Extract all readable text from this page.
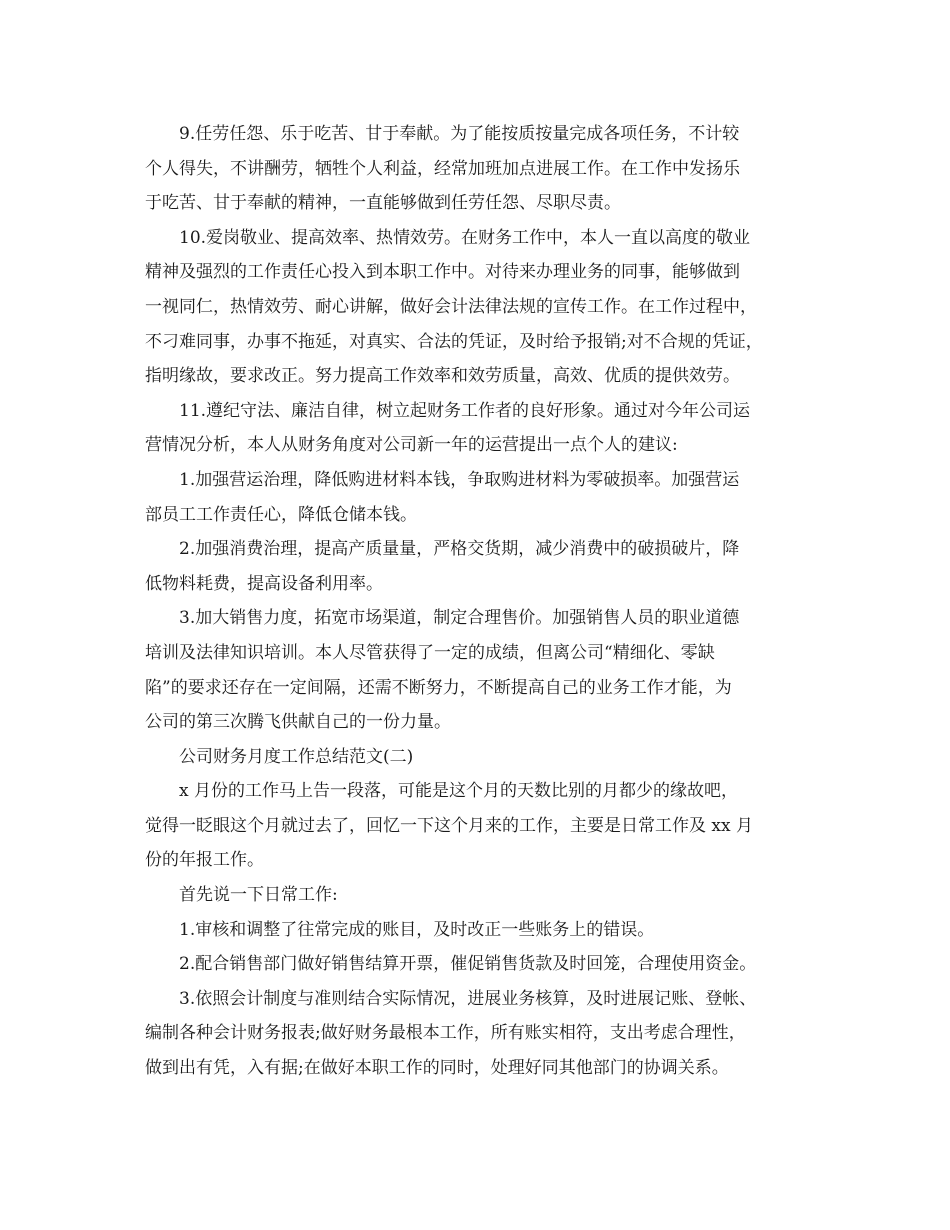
9.任劳任怨、乐于吃苦、甘于奉献。为了能按质按量完成各项任务，不计较
个人得失，不讲酬劳，牺牲个人利益，经常加班加点进展工作。在工作中发扬乐
于吃苦、甘于奉献的精神，一直能够做到任劳任怨、尽职尽责。

10.爱岗敬业、提高效率、热情效劳。在财务工作中，本人一直以高度的敬业
精神及强烈的工作责任心投入到本职工作中。对待来办理业务的同事，能够做到
一视同仁，热情效劳、耐心讲解，做好会计法律法规的宣传工作。在工作过程中，
不刁难同事，办事不拖延，对真实、合法的凭证，及时给予报销;对不合规的凭证，
指明缘故，要求改正。努力提高工作效率和效劳质量，高效、优质的提供效劳。

11.遵纪守法、廉洁自律，树立起财务工作者的良好形象。通过对今年公司运
营情况分析，本人从财务角度对公司新一年的运营提出一点个人的建议:

1.加强营运治理，降低购进材料本钱，争取购进材料为零破损率。加强营运
部员工工作责任心，降低仓储本钱。

2.加强消费治理，提高产质量量，严格交货期，减少消费中的破损破片，降
低物料耗费，提高设备利用率。

3.加大销售力度，拓宽市场渠道，制定合理售价。加强销售人员的职业道德
培训及法律知识培训。本人尽管获得了一定的成绩，但离公司“精细化、零缺
陷”的要求还存在一定间隔，还需不断努力，不断提高自己的业务工作才能，为
公司的第三次腾飞供献自己的一份力量。

公司财务月度工作总结范文(二)

x 月份的工作马上告一段落，可能是这个月的天数比别的月都少的缘故吧，
觉得一眨眼这个月就过去了，回忆一下这个月来的工作，主要是日常工作及 xx 月
份的年报工作。

首先说一下日常工作:

1.审核和调整了往常完成的账目，及时改正一些账务上的错误。

2.配合销售部门做好销售结算开票，催促销售货款及时回笼，合理使用资金。

3.依照会计制度与准则结合实际情况，进展业务核算，及时进展记账、登帐、
编制各种会计财务报表;做好财务最根本工作，所有账实相符，支出考虑合理性，
做到出有凭，入有据;在做好本职工作的同时，处理好同其他部门的协调关系。
